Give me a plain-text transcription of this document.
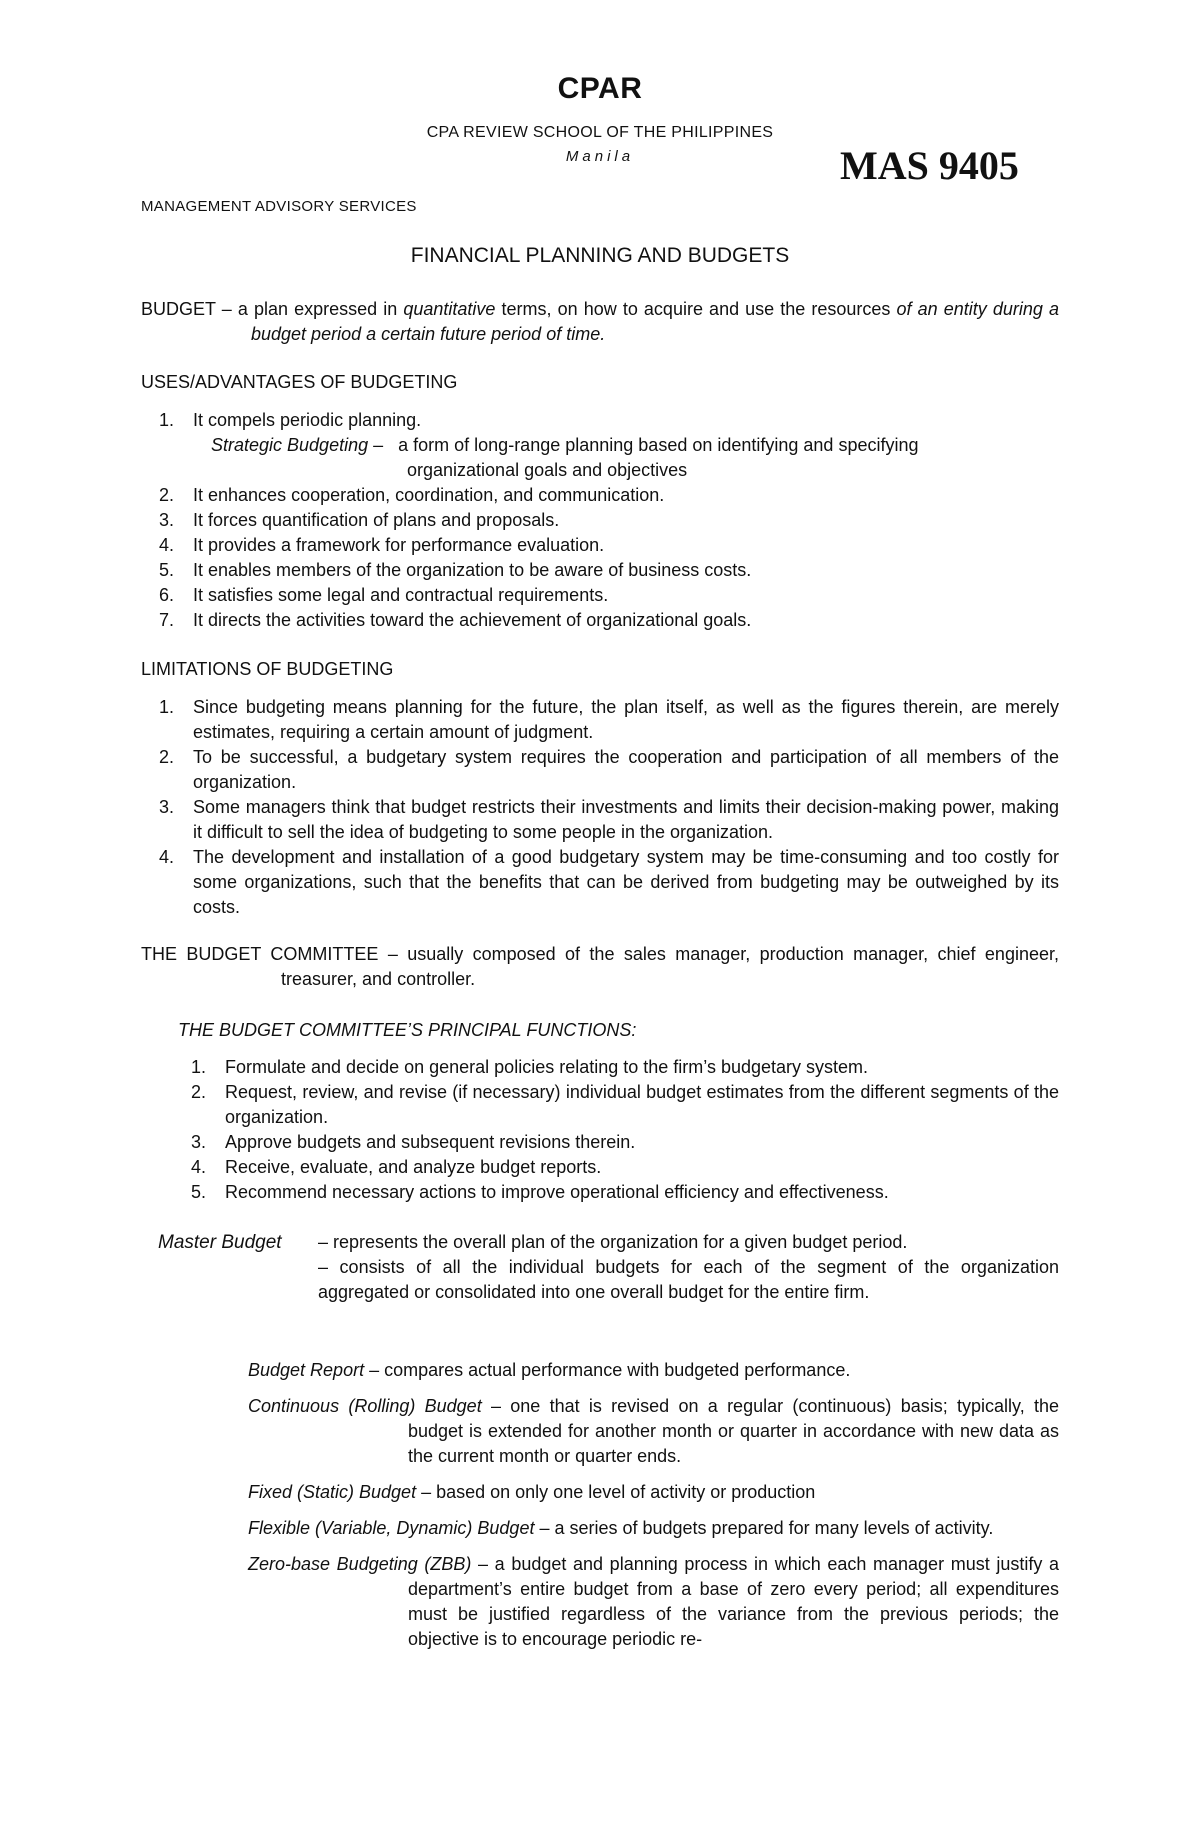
CPAR
CPA REVIEW SCHOOL OF THE PHILIPPINES
Manila	MAS 9405
MANAGEMENT ADVISORY SERVICES
FINANCIAL PLANNING AND BUDGETS

BUDGET – a plan expressed in quantitative terms, on how to acquire and use the resources of an entity during a budget period a certain future period of time.

USES/ADVANTAGES OF BUDGETING
1. It compels periodic planning.
Strategic Budgeting – a form of long-range planning based on identifying and specifying
organizational goals and objectives
2. It enhances cooperation, coordination, and communication.
3. It forces quantification of plans and proposals.
4. It provides a framework for performance evaluation.
5. It enables members of the organization to be aware of business costs.
6. It satisfies some legal and contractual requirements.
7. It directs the activities toward the achievement of organizational goals.
LIMITATIONS OF BUDGETING
1. Since budgeting means planning for the future, the plan itself, as well as the figures therein, are merely estimates, requiring a certain amount of judgment.
2. To be successful, a budgetary system requires the cooperation and participation of all members of the organization.
3. Some managers think that budget restricts their investments and limits their decision-making power, making it difficult to sell the idea of budgeting to some people in the organization.
4. The development and installation of a good budgetary system may be time-consuming and too costly for some organizations, such that the benefits that can be derived from budgeting may be outweighed by its costs.

THE BUDGET COMMITTEE – usually composed of the sales manager, production manager, chief engineer, treasurer, and controller.

THE BUDGET COMMITTEE’S PRINCIPAL FUNCTIONS:
1. Formulate and decide on general policies relating to the firm’s budgetary system.
2. Request, review, and revise (if necessary) individual budget estimates from the different segments of the organization.
3. Approve budgets and subsequent revisions therein.
4. Receive, evaluate, and analyze budget reports.
5. Recommend necessary actions to improve operational efficiency and effectiveness.
Master Budget – represents the overall plan of the organization for a given budget period.
– consists of all the individual budgets for each of the segment of the organization aggregated or consolidated into one overall budget for the entire firm.

Budget Report – compares actual performance with budgeted performance.

Continuous (Rolling) Budget – one that is revised on a regular (continuous) basis; typically, the budget is extended for another month or quarter in accordance with new data as the current month or quarter ends.

Fixed (Static) Budget – based on only one level of activity or production

Flexible (Variable, Dynamic) Budget – a series of budgets prepared for many levels of activity.

Zero-base Budgeting (ZBB) – a budget and planning process in which each manager must justify a department’s entire budget from a base of zero every period; all expenditures must be justified regardless of the variance from the previous periods; the objective is to encourage periodic re-
